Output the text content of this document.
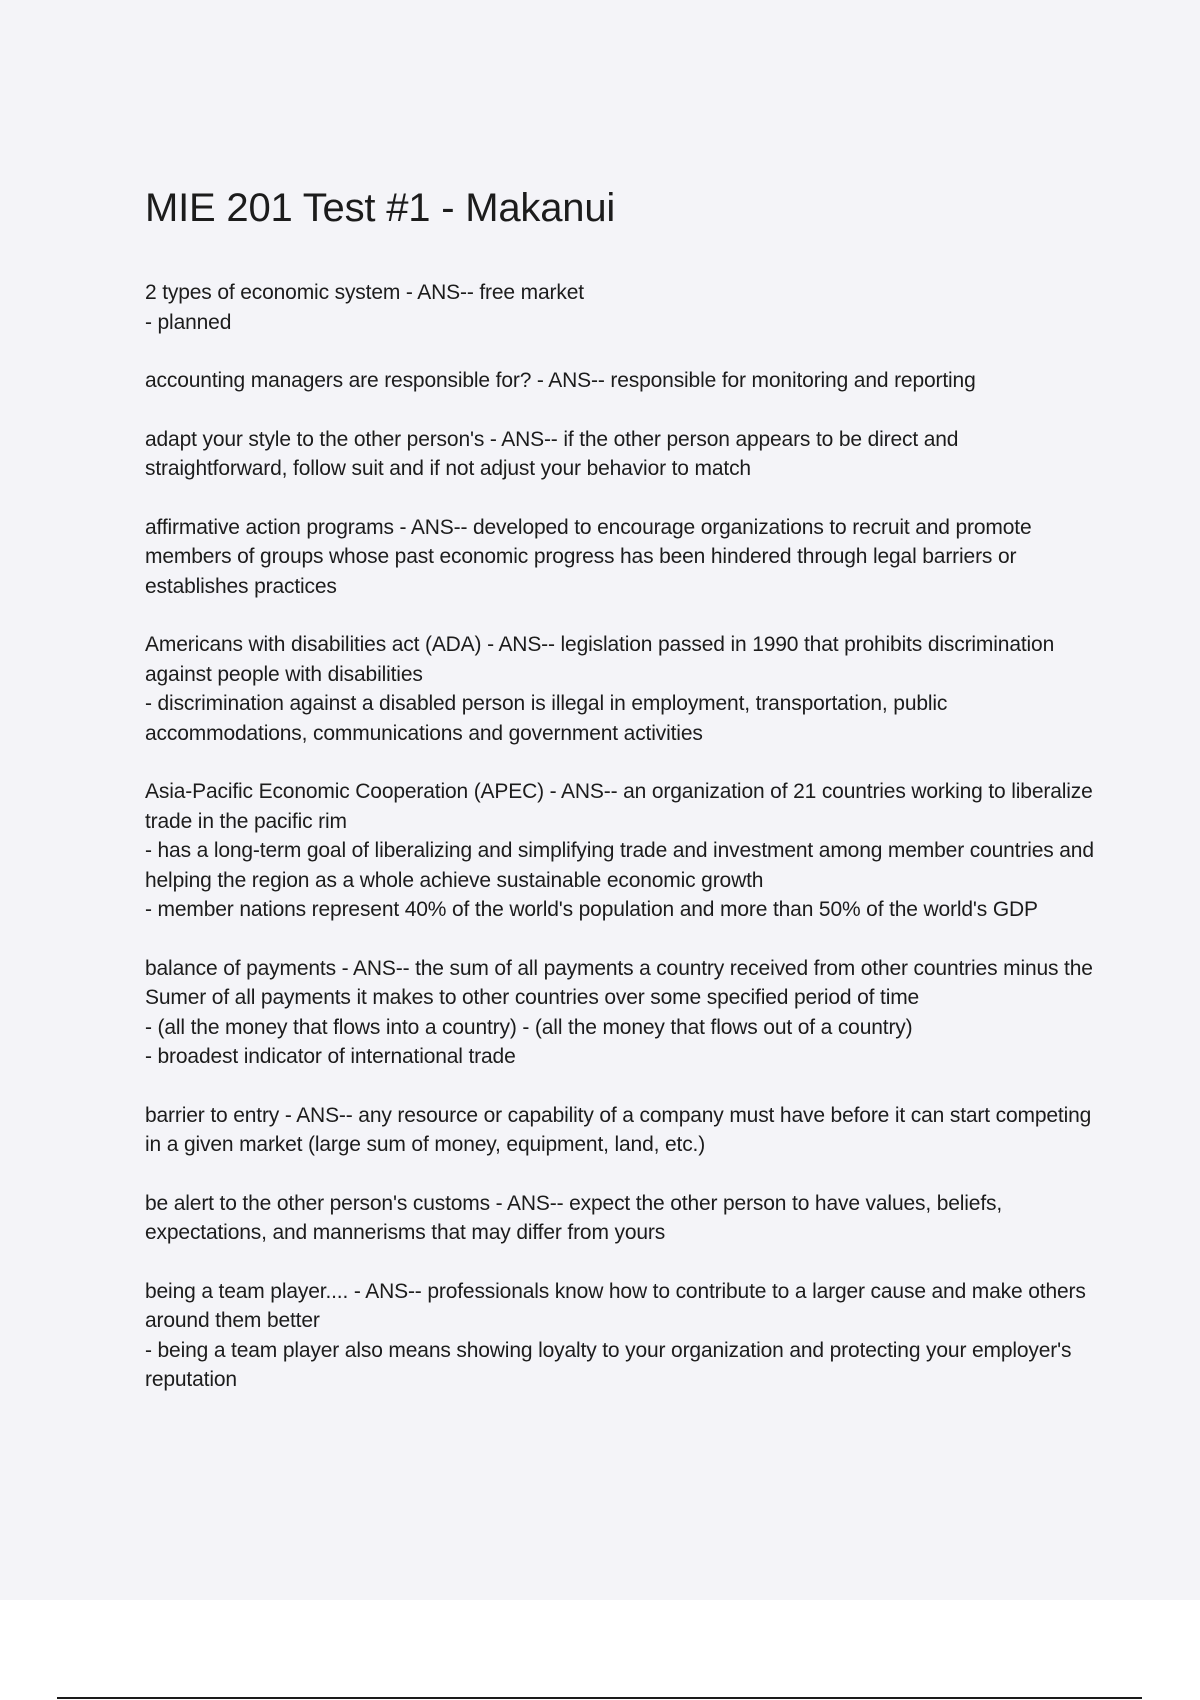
MIE 201 Test #1 - Makanui
2 types of economic system - ANS-- free market
- planned
accounting managers are responsible for? - ANS-- responsible for monitoring and reporting
adapt your style to the other person's - ANS-- if the other person appears to be direct and straightforward, follow suit and if not adjust your behavior to match
affirmative action programs - ANS-- developed to encourage organizations to recruit and promote members of groups whose past economic progress has been hindered through legal barriers or establishes practices
Americans with disabilities act (ADA) - ANS-- legislation passed in 1990 that prohibits discrimination against people with disabilities
- discrimination against a disabled person is illegal in employment, transportation, public accommodations, communications and government activities
Asia-Pacific Economic Cooperation (APEC) - ANS-- an organization of 21 countries working to liberalize trade in the pacific rim
- has a long-term goal of liberalizing and simplifying trade and investment among member countries and helping the region as a whole achieve sustainable economic growth
- member nations represent 40% of the world's population and more than 50% of the world's GDP
balance of payments - ANS-- the sum of all payments a country received from other countries minus the Sumer of all payments it makes to other countries over some specified period of time
- (all the money that flows into a country) - (all the money that flows out of a country)
- broadest indicator of international trade
barrier to entry - ANS-- any resource or capability of a company must have before it can start competing in a given market (large sum of money, equipment, land, etc.)
be alert to the other person's customs - ANS-- expect the other person to have values, beliefs, expectations, and mannerisms that may differ from yours
being a team player.... - ANS-- professionals know how to contribute to a larger cause and make others around them better
- being a team player also means showing loyalty to your organization and protecting your employer's reputation
